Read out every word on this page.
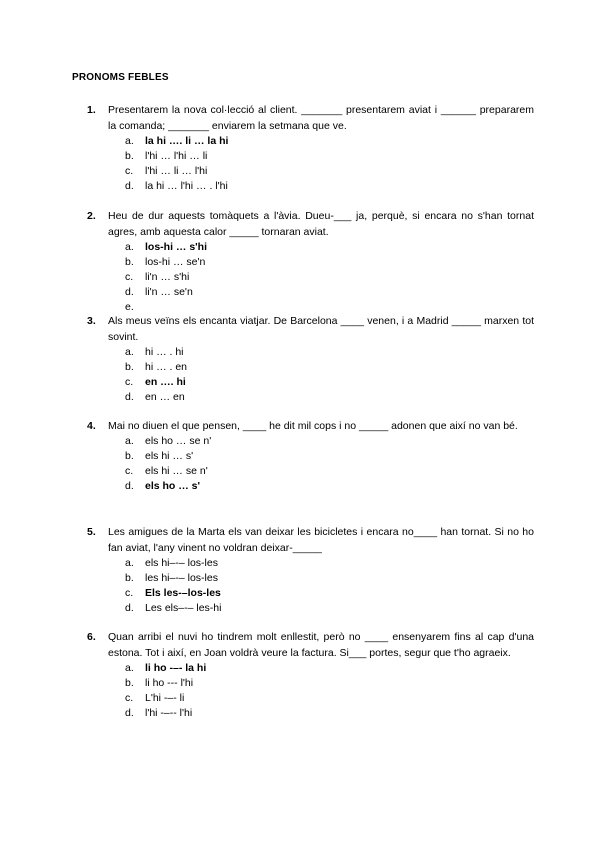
PRONOMS FEBLES
1. Presentarem la nova col·lecció al client. _______ presentarem aviat i ______ prepararem la comanda; _______ enviarem la setmana que ve.
a.	la hi …. li … la hi
b.	l'hi … l'hi … li
c.	l'hi … li … l'hi
d.	la hi … l'hi … . l'hi
2. Heu de dur aquests tomàquets a l'àvia. Dueu-___ ja, perquè, si encara no s'han tornat agres, amb aquesta calor _____ tornaran aviat.
a.	los-hi … s'hi
b.	los-hi … se'n
c.	li'n … s'hi
d.	li'n … se'n
e.
3. Als meus veïns els encanta viatjar. De Barcelona ____ venen, i a Madrid _____ marxen tot sovint.
a.	hi … . hi
b.	hi … . en
c.	en …. hi
d.	en … en
4. Mai no diuen el que pensen, ____ he dit mil cops i no _____ adonen que així no van bé.
a.	els ho … se n'
b.	els hi … s'
c.	els hi … se n'
d.	els ho … s'
5. Les amigues de la Marta els van deixar les bicicletes i encara no____ han tornat. Si no ho fan aviat, l'any vinent no voldran deixar-_____
a.	els hi–-– los-les
b.	les hi–-– los-les
c.	Els les-–los-les
d.	Les els–-– les-hi
6. Quan arribi el nuvi ho tindrem molt enllestit, però no ____ ensenyarem fins al cap d'una estona. Tot i així, en Joan voldrà veure la factura. Si___ portes, segur que t'ho agraeix.
a.	li ho -–- la hi
b.	li ho --- l'hi
c.	L'hi -–- li
d.	l'hi -–-- l'hi
